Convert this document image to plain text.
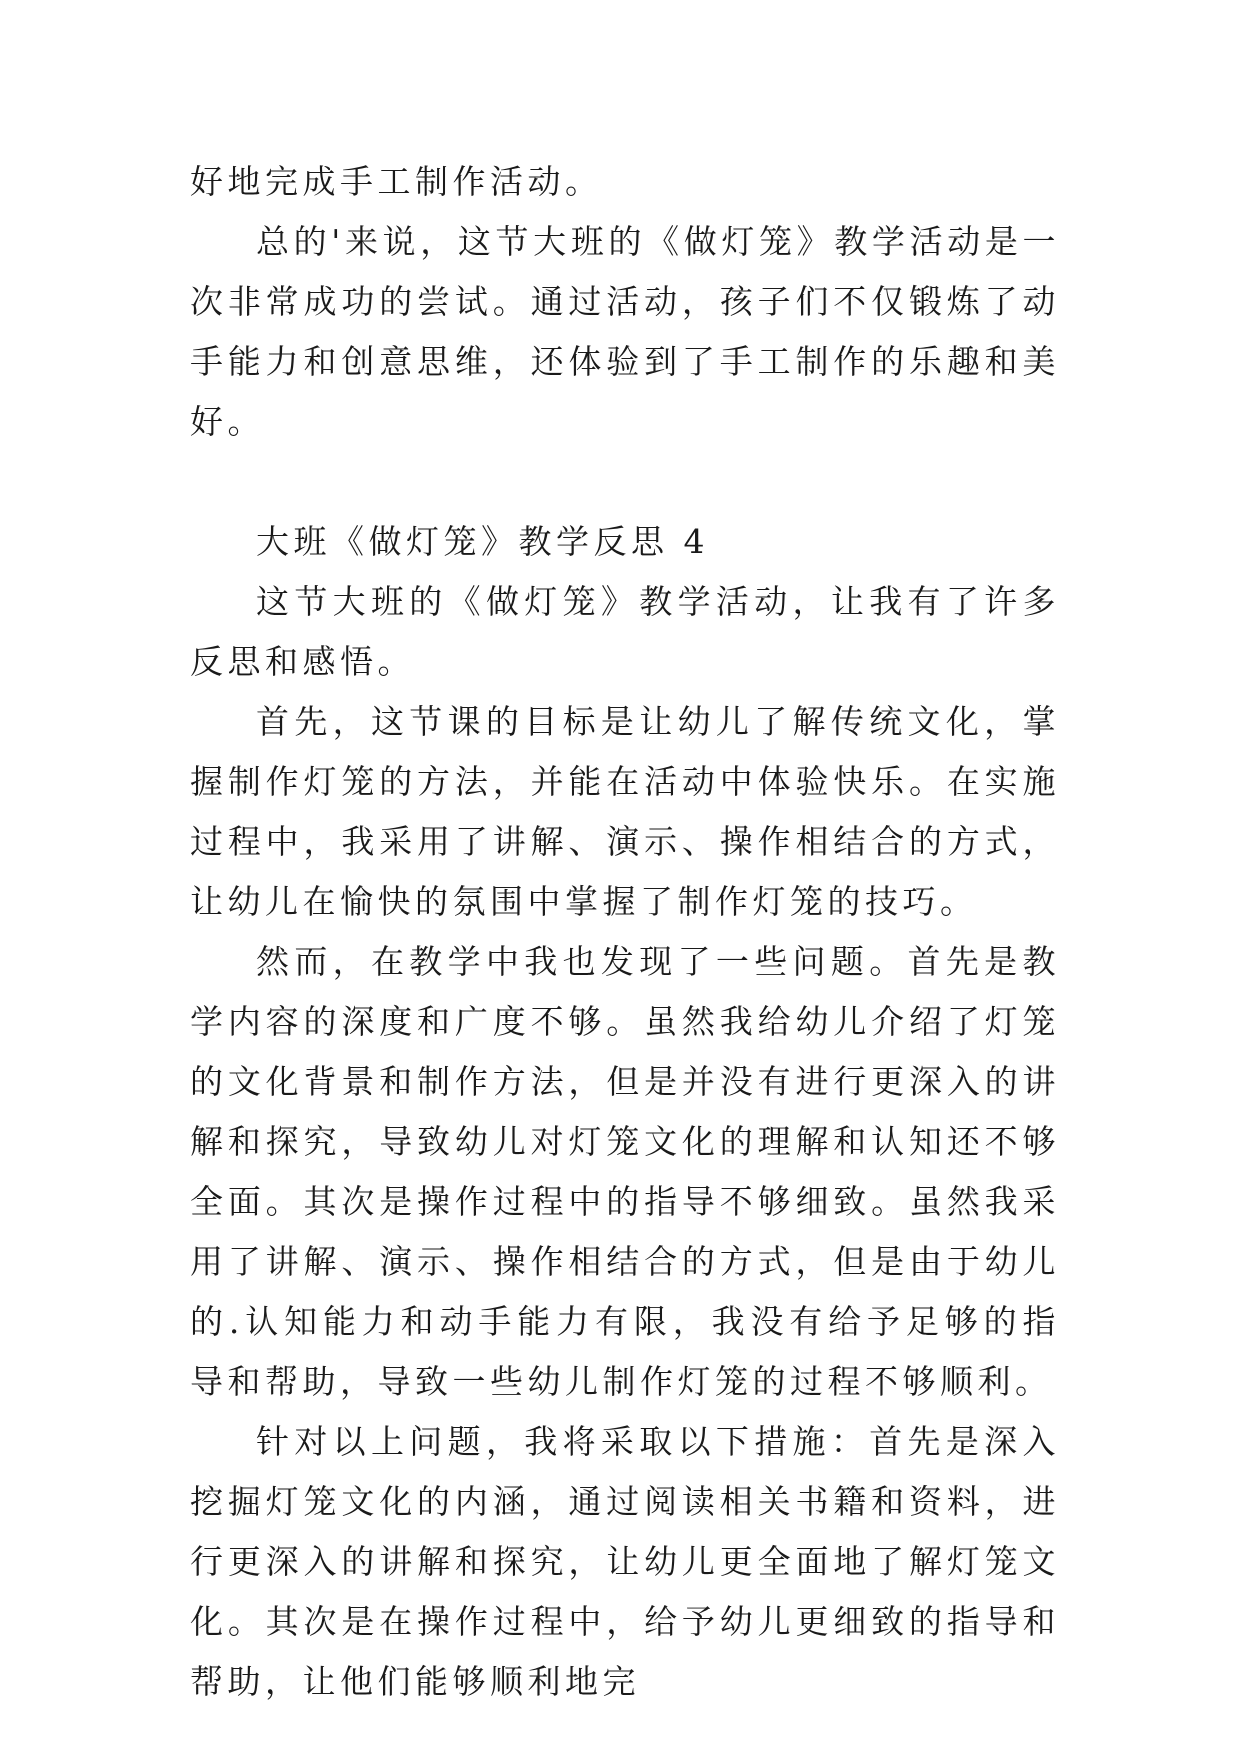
好地完成手工制作活动。

总的'来说，这节大班的《做灯笼》教学活动是一次非常成功的尝试。通过活动，孩子们不仅锻炼了动手能力和创意思维，还体验到了手工制作的乐趣和美好。

大班《做灯笼》教学反思 4

这节大班的《做灯笼》教学活动，让我有了许多反思和感悟。

首先，这节课的目标是让幼儿了解传统文化，掌握制作灯笼的方法，并能在活动中体验快乐。在实施过程中，我采用了讲解、演示、操作相结合的方式，让幼儿在愉快的氛围中掌握了制作灯笼的技巧。

然而，在教学中我也发现了一些问题。首先是教学内容的深度和广度不够。虽然我给幼儿介绍了灯笼的文化背景和制作方法，但是并没有进行更深入的讲解和探究，导致幼儿对灯笼文化的理解和认知还不够全面。其次是操作过程中的指导不够细致。虽然我采用了讲解、演示、操作相结合的方式，但是由于幼儿的.认知能力和动手能力有限，我没有给予足够的指导和帮助，导致一些幼儿制作灯笼的过程不够顺利。

针对以上问题，我将采取以下措施：首先是深入挖掘灯笼文化的内涵，通过阅读相关书籍和资料，进行更深入的讲解和探究，让幼儿更全面地了解灯笼文化。其次是在操作过程中，给予幼儿更细致的指导和帮助，让他们能够顺利地完
